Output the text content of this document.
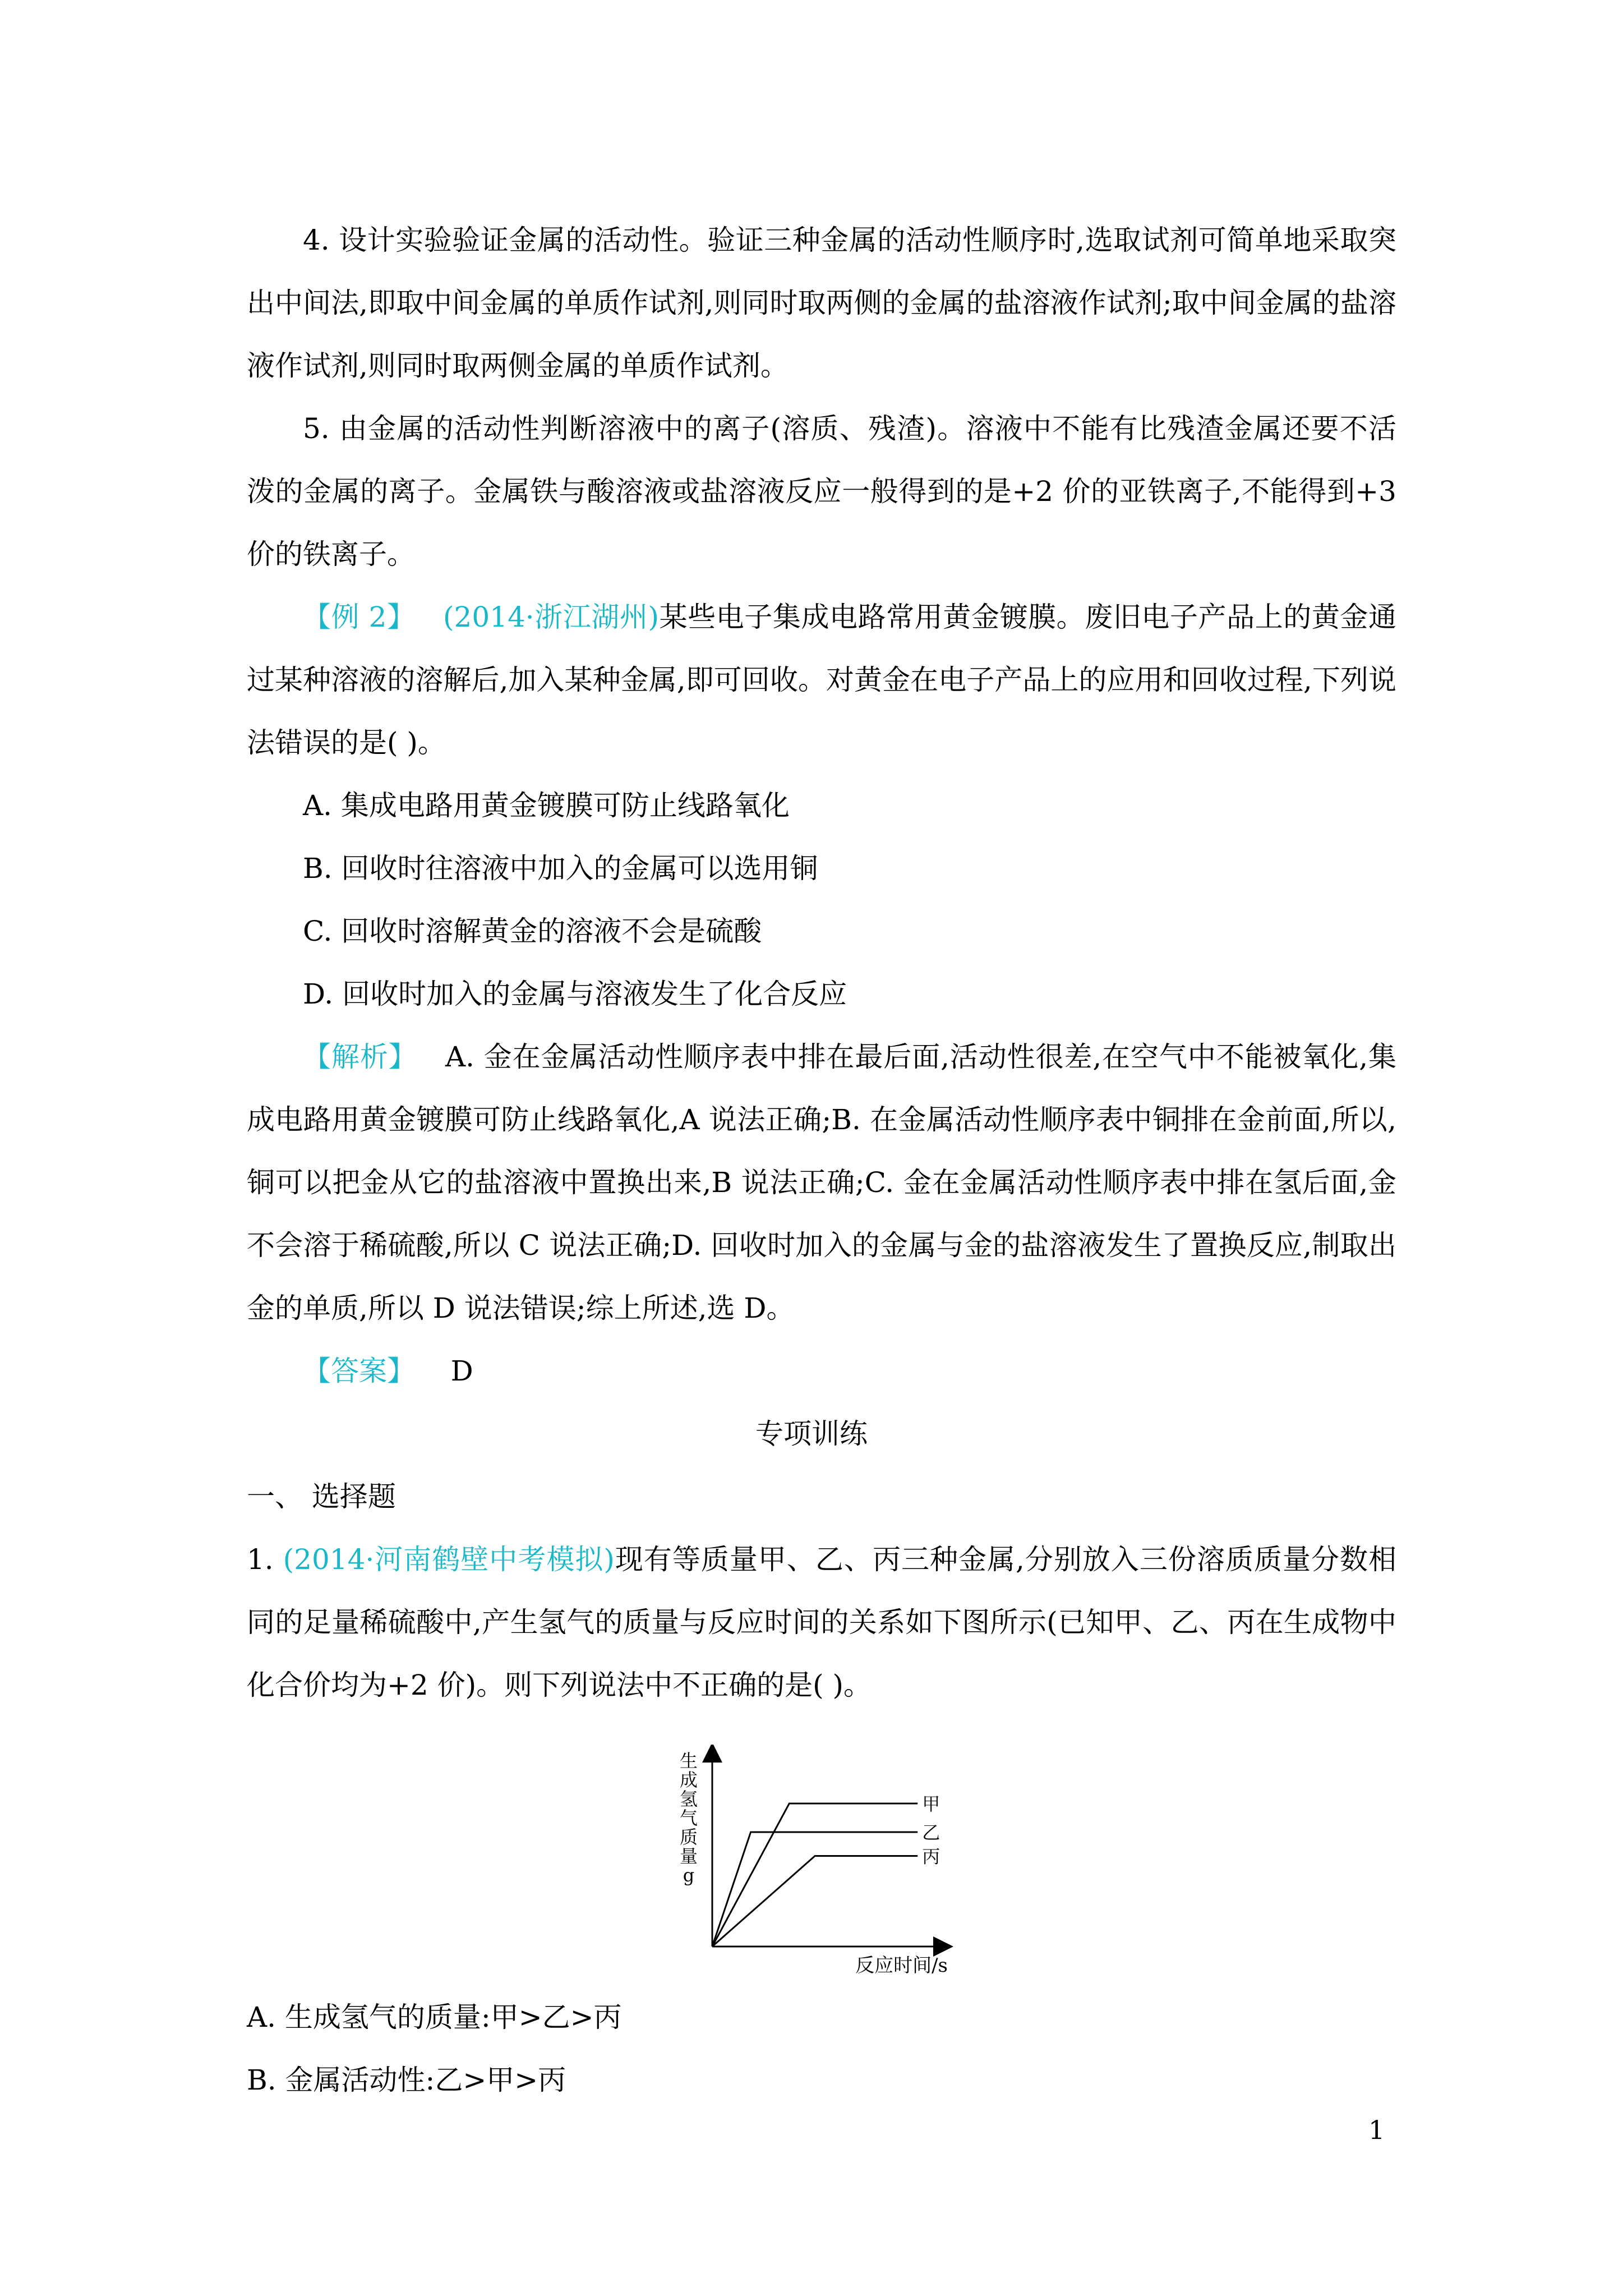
4. 设计实验验证金属的活动性。验证三种金属的活动性顺序时,选取试剂可简单地采取突出中间法,即取中间金属的单质作试剂,则同时取两侧的金属的盐溶液作试剂;取中间金属的盐溶液作试剂,则同时取两侧金属的单质作试剂。

5. 由金属的活动性判断溶液中的离子(溶质、残渣)。溶液中不能有比残渣金属还要不活泼的金属的离子。金属铁与酸溶液或盐溶液反应一般得到的是+2 价的亚铁离子,不能得到+3 价的铁离子。

【例 2】 (2014·浙江湖州)某些电子集成电路常用黄金镀膜。废旧电子产品上的黄金通过某种溶液的溶解后,加入某种金属,即可回收。对黄金在电子产品上的应用和回收过程,下列说法错误的是( )。

A. 集成电路用黄金镀膜可防止线路氧化
B. 回收时往溶液中加入的金属可以选用铜
C. 回收时溶解黄金的溶液不会是硫酸
D. 回收时加入的金属与溶液发生了化合反应

【解析】 A. 金在金属活动性顺序表中排在最后面,活动性很差,在空气中不能被氧化,集成电路用黄金镀膜可防止线路氧化,A 说法正确;B. 在金属活动性顺序表中铜排在金前面,所以,铜可以把金从它的盐溶液中置换出来,B 说法正确;C. 金在金属活动性顺序表中排在氢后面,金不会溶于稀硫酸,所以 C 说法正确;D. 回收时加入的金属与金的盐溶液发生了置换反应,制取出金的单质,所以 D 说法错误;综上所述,选 D。

【答案】 D

专项训练
一、 选择题

1. (2014·河南鹤壁中考模拟)现有等质量甲、乙、丙三种金属,分别放入三份溶质质量分数相同的足量稀硫酸中,产生氢气的质量与反应时间的关系如下图所示(已知甲、乙、丙在生成物中化合价均为+2 价)。则下列说法中不正确的是( )。

生
成
氢
气
质
量
g
反应时间/s
甲
乙
丙
A. 生成氢气的质量:甲>乙>丙
B. 金属活动性:乙>甲>丙
1
